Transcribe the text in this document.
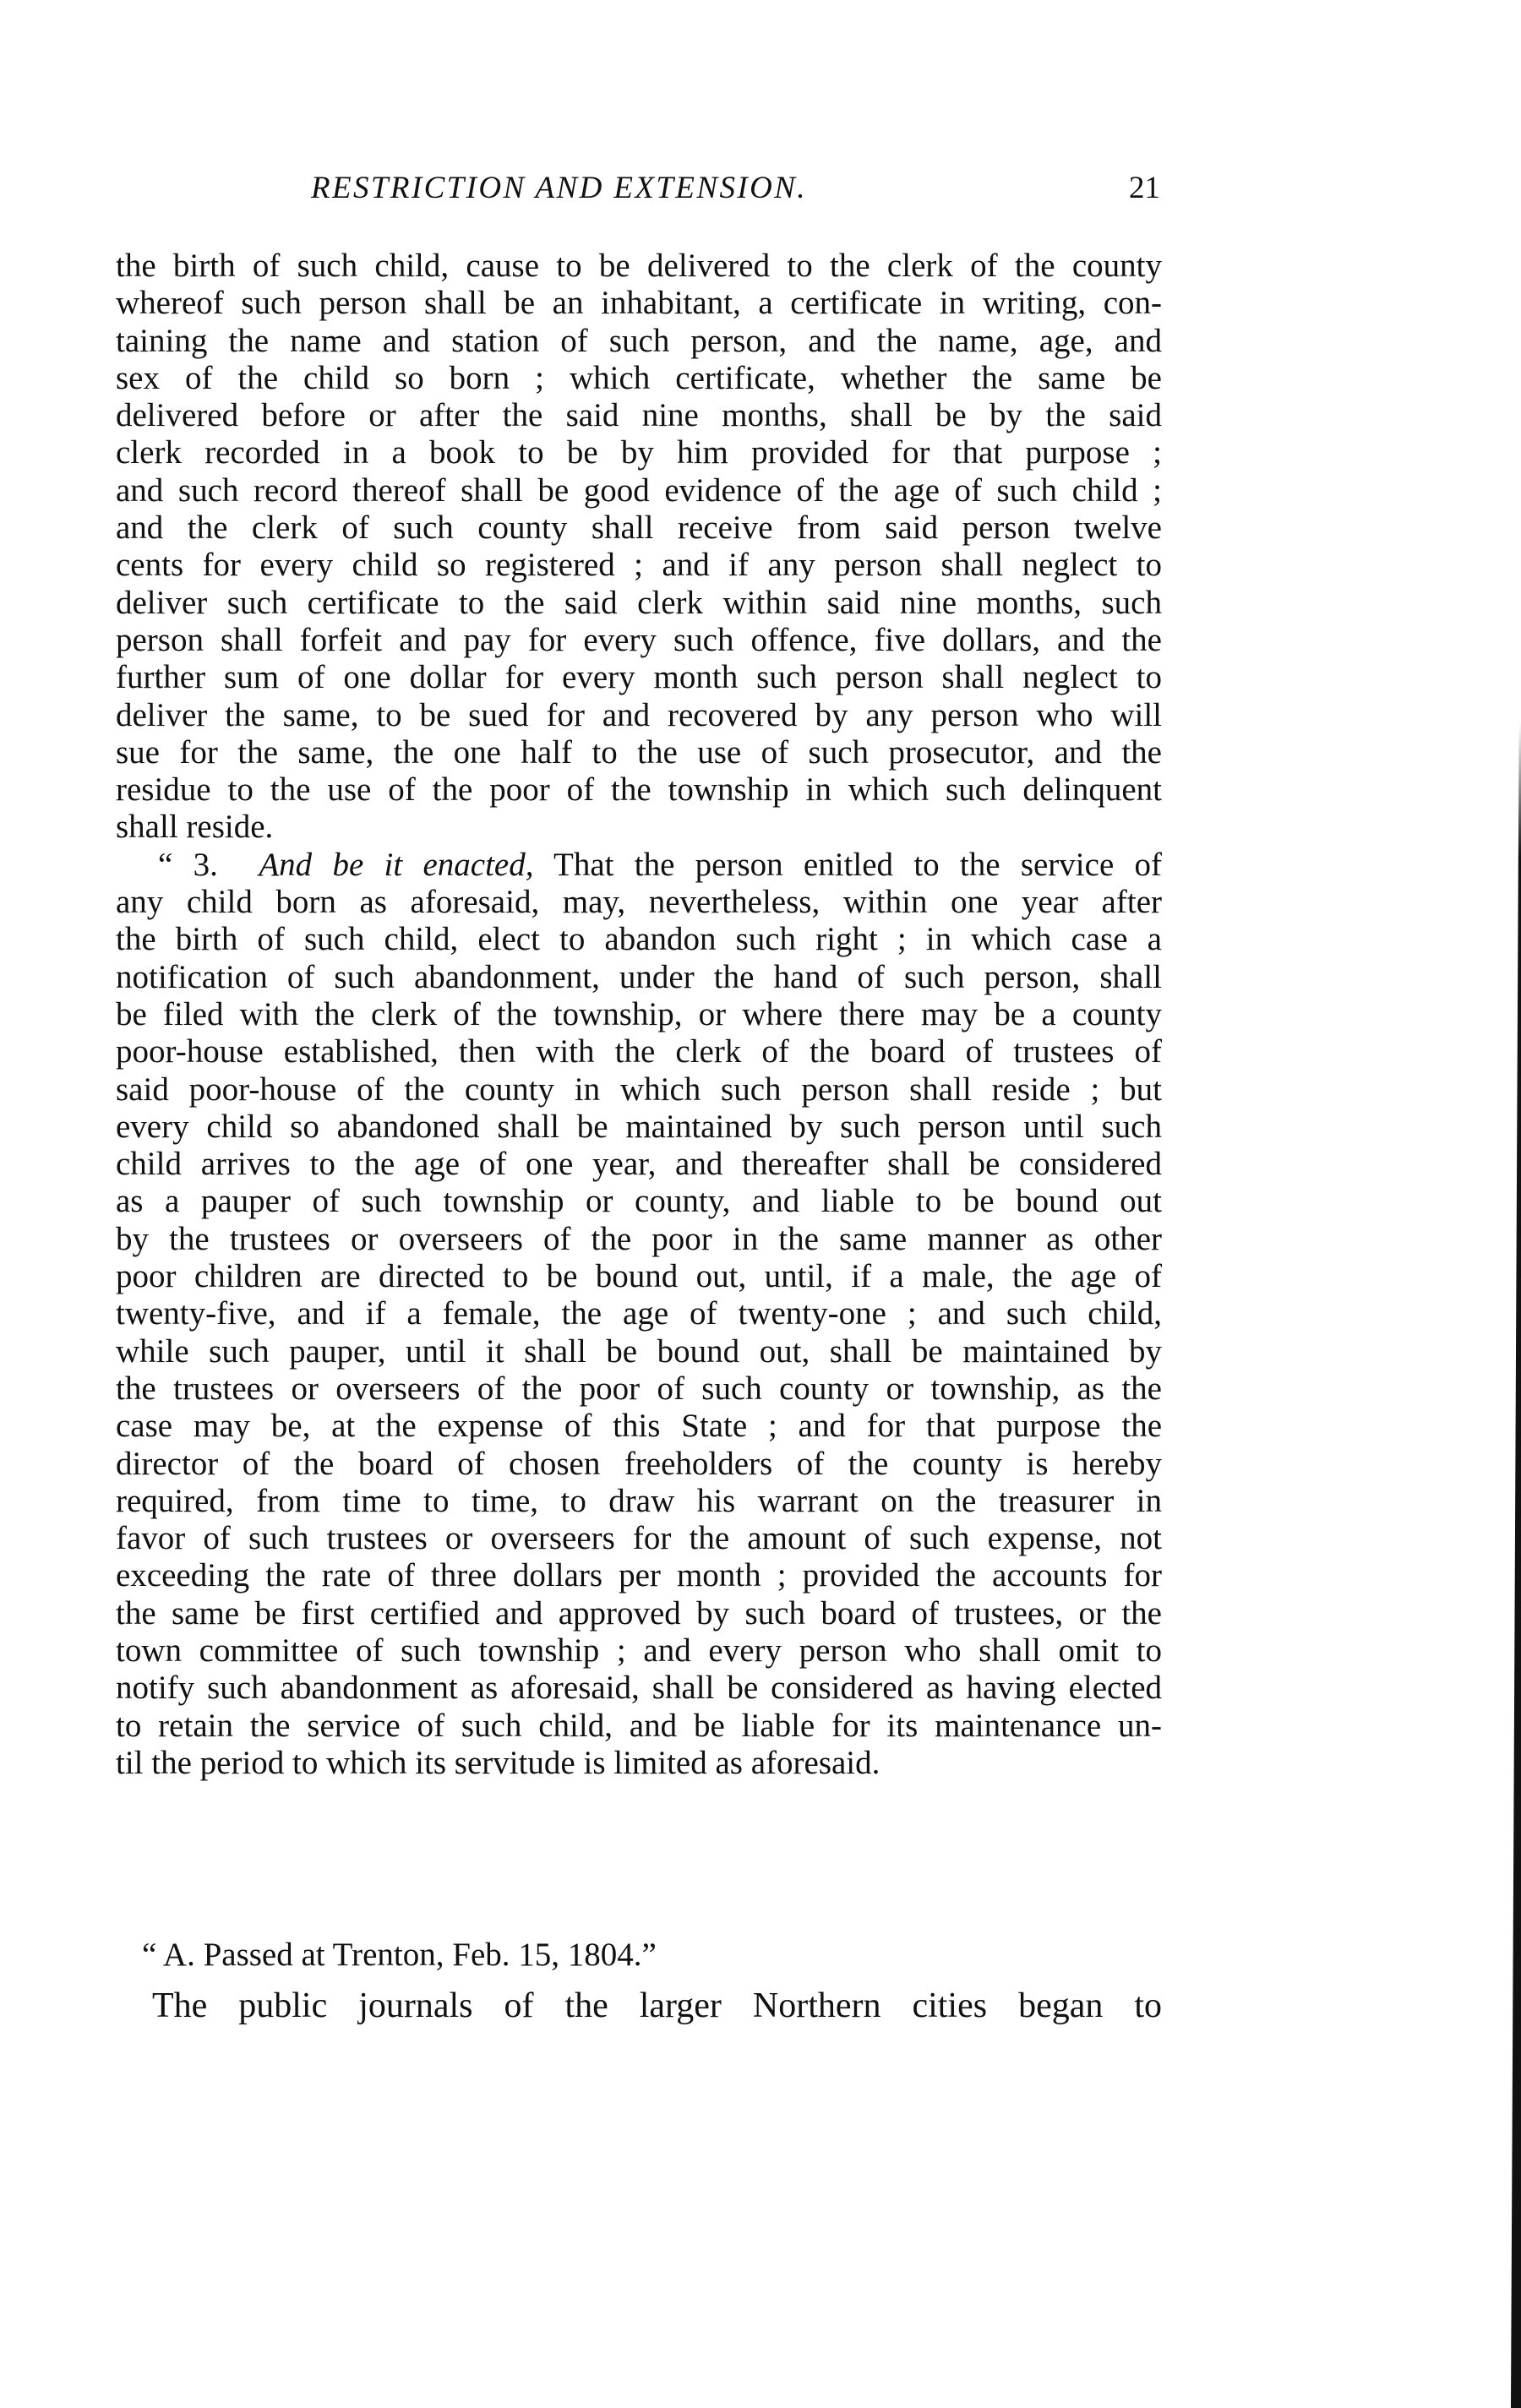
RESTRICTION AND EXTENSION.	21
the birth of such child, cause to be delivered to the clerk of the county
whereof such person shall be an inhabitant, a certificate in writing, con-
taining the name and station of such person, and the name, age, and
sex of the child so born ; which certificate, whether the same be
delivered before or after the said nine months, shall be by the said
clerk recorded in a book to be by him provided for that purpose ;
and such record thereof shall be good evidence of the age of such child ;
and the clerk of such county shall receive from said person twelve
cents for every child so registered ; and if any person shall neglect to
deliver such certificate to the said clerk within said nine months, such
person shall forfeit and pay for every such offence, five dollars, and the
further sum of one dollar for every month such person shall neglect to
deliver the same, to be sued for and recovered by any person who will
sue for the same, the one half to the use of such prosecutor, and the
residue to the use of the poor of the township in which such delinquent
shall reside.
“ 3. And be it enacted, That the person enitled to the service of
any child born as aforesaid, may, nevertheless, within one year after
the birth of such child, elect to abandon such right ; in which case a
notification of such abandonment, under the hand of such person, shall
be filed with the clerk of the township, or where there may be a county
poor-house established, then with the clerk of the board of trustees of
said poor-house of the county in which such person shall reside ; but
every child so abandoned shall be maintained by such person until such
child arrives to the age of one year, and thereafter shall be considered
as a pauper of such township or county, and liable to be bound out
by the trustees or overseers of the poor in the same manner as other
poor children are directed to be bound out, until, if a male, the age of
twenty-five, and if a female, the age of twenty-one ; and such child,
while such pauper, until it shall be bound out, shall be maintained by
the trustees or overseers of the poor of such county or township, as the
case may be, at the expense of this State ; and for that purpose the
director of the board of chosen freeholders of the county is hereby
required, from time to time, to draw his warrant on the treasurer in
favor of such trustees or overseers for the amount of such expense, not
exceeding the rate of three dollars per month ; provided the accounts for
the same be first certified and approved by such board of trustees, or the
town committee of such township ; and every person who shall omit to
notify such abandonment as aforesaid, shall be considered as having elected
to retain the service of such child, and be liable for its maintenance un-
til the period to which its servitude is limited as aforesaid.
“ A. Passed at Trenton, Feb. 15, 1804.”
The public journals of the larger Northern cities began to
